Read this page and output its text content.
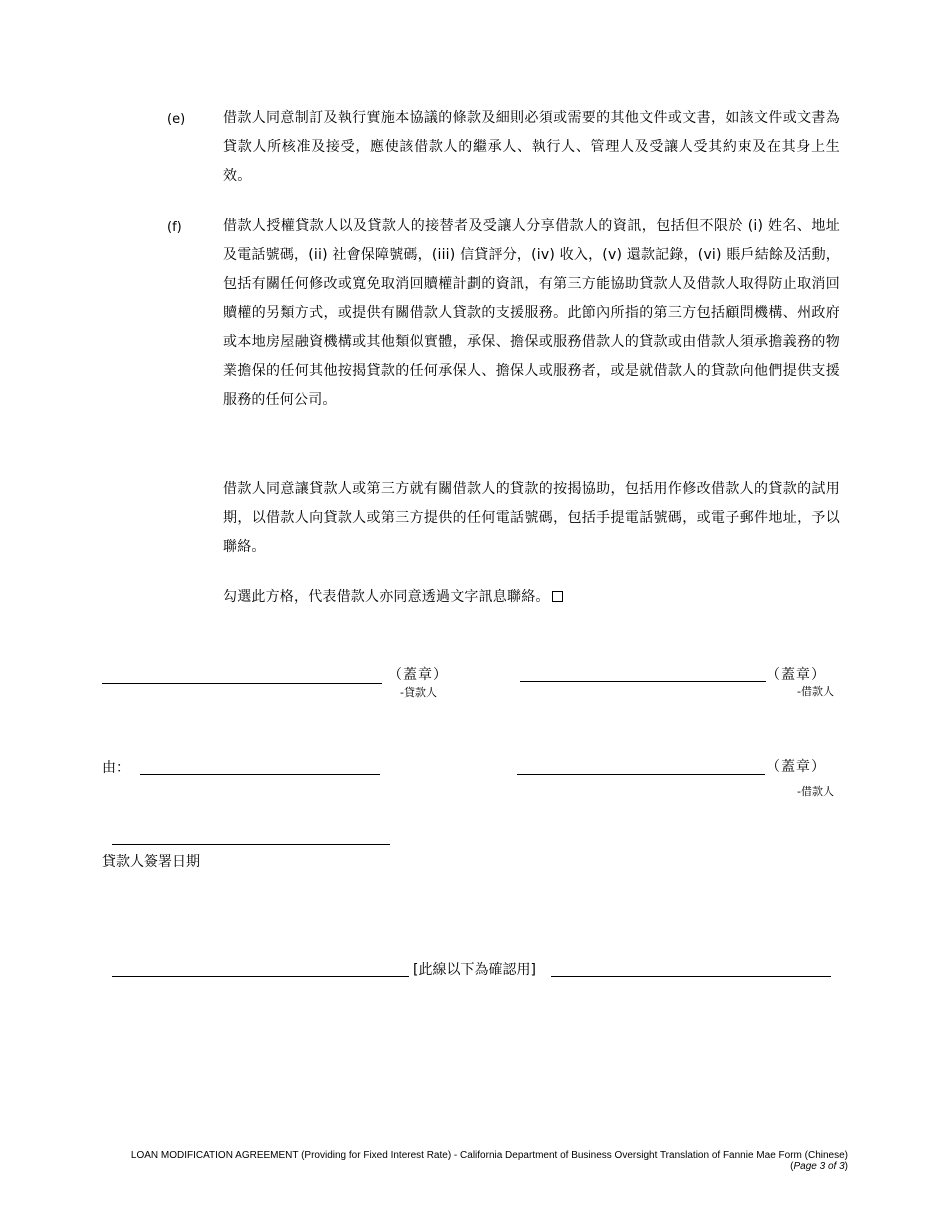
(e)	借款人同意制訂及執行實施本協議的條款及細則必須或需要的其他文件或文書，如該文件或文書為貸款人所核准及接受，應使該借款人的繼承人、執行人、管理人及受讓人受其約束及在其身上生效。
(f)	借款人授權貸款人以及貸款人的接替者及受讓人分享借款人的資訊，包括但不限於 (i) 姓名、地址及電話號碼，(ii) 社會保障號碼，(iii) 信貸評分，(iv) 收入，(v) 還款記錄，(vi) 賬戶結餘及活動，包括有關任何修改或寬免取消回贖權計劃的資訊，有第三方能協助貸款人及借款人取得防止取消回贖權的另類方式，或提供有關借款人貸款的支援服務。此節內所指的第三方包括顧問機構、州政府或本地房屋融資機構或其他類似實體，承保、擔保或服務借款人的貸款或由借款人須承擔義務的物業擔保的任何其他按揭貸款的任何承保人、擔保人或服務者，或是就借款人的貸款向他們提供支援服務的任何公司。
借款人同意讓貸款人或第三方就有關借款人的貸款的按揭協助，包括用作修改借款人的貸款的試用期，以借款人向貸款人或第三方提供的任何電話號碼，包括手提電話號碼，或電子郵件地址，予以聯絡。
勾選此方格，代表借款人亦同意透過文字訊息聯絡。
（蓋章）
-貸款人
（蓋章）
-借款人
由：	（蓋章）
-借款人
貸款人簽署日期
[此線以下為確認用]
LOAN MODIFICATION AGREEMENT (Providing for Fixed Interest Rate) - California Department of Business Oversight Translation of Fannie Mae Form (Chinese)
(Page 3 of 3)
